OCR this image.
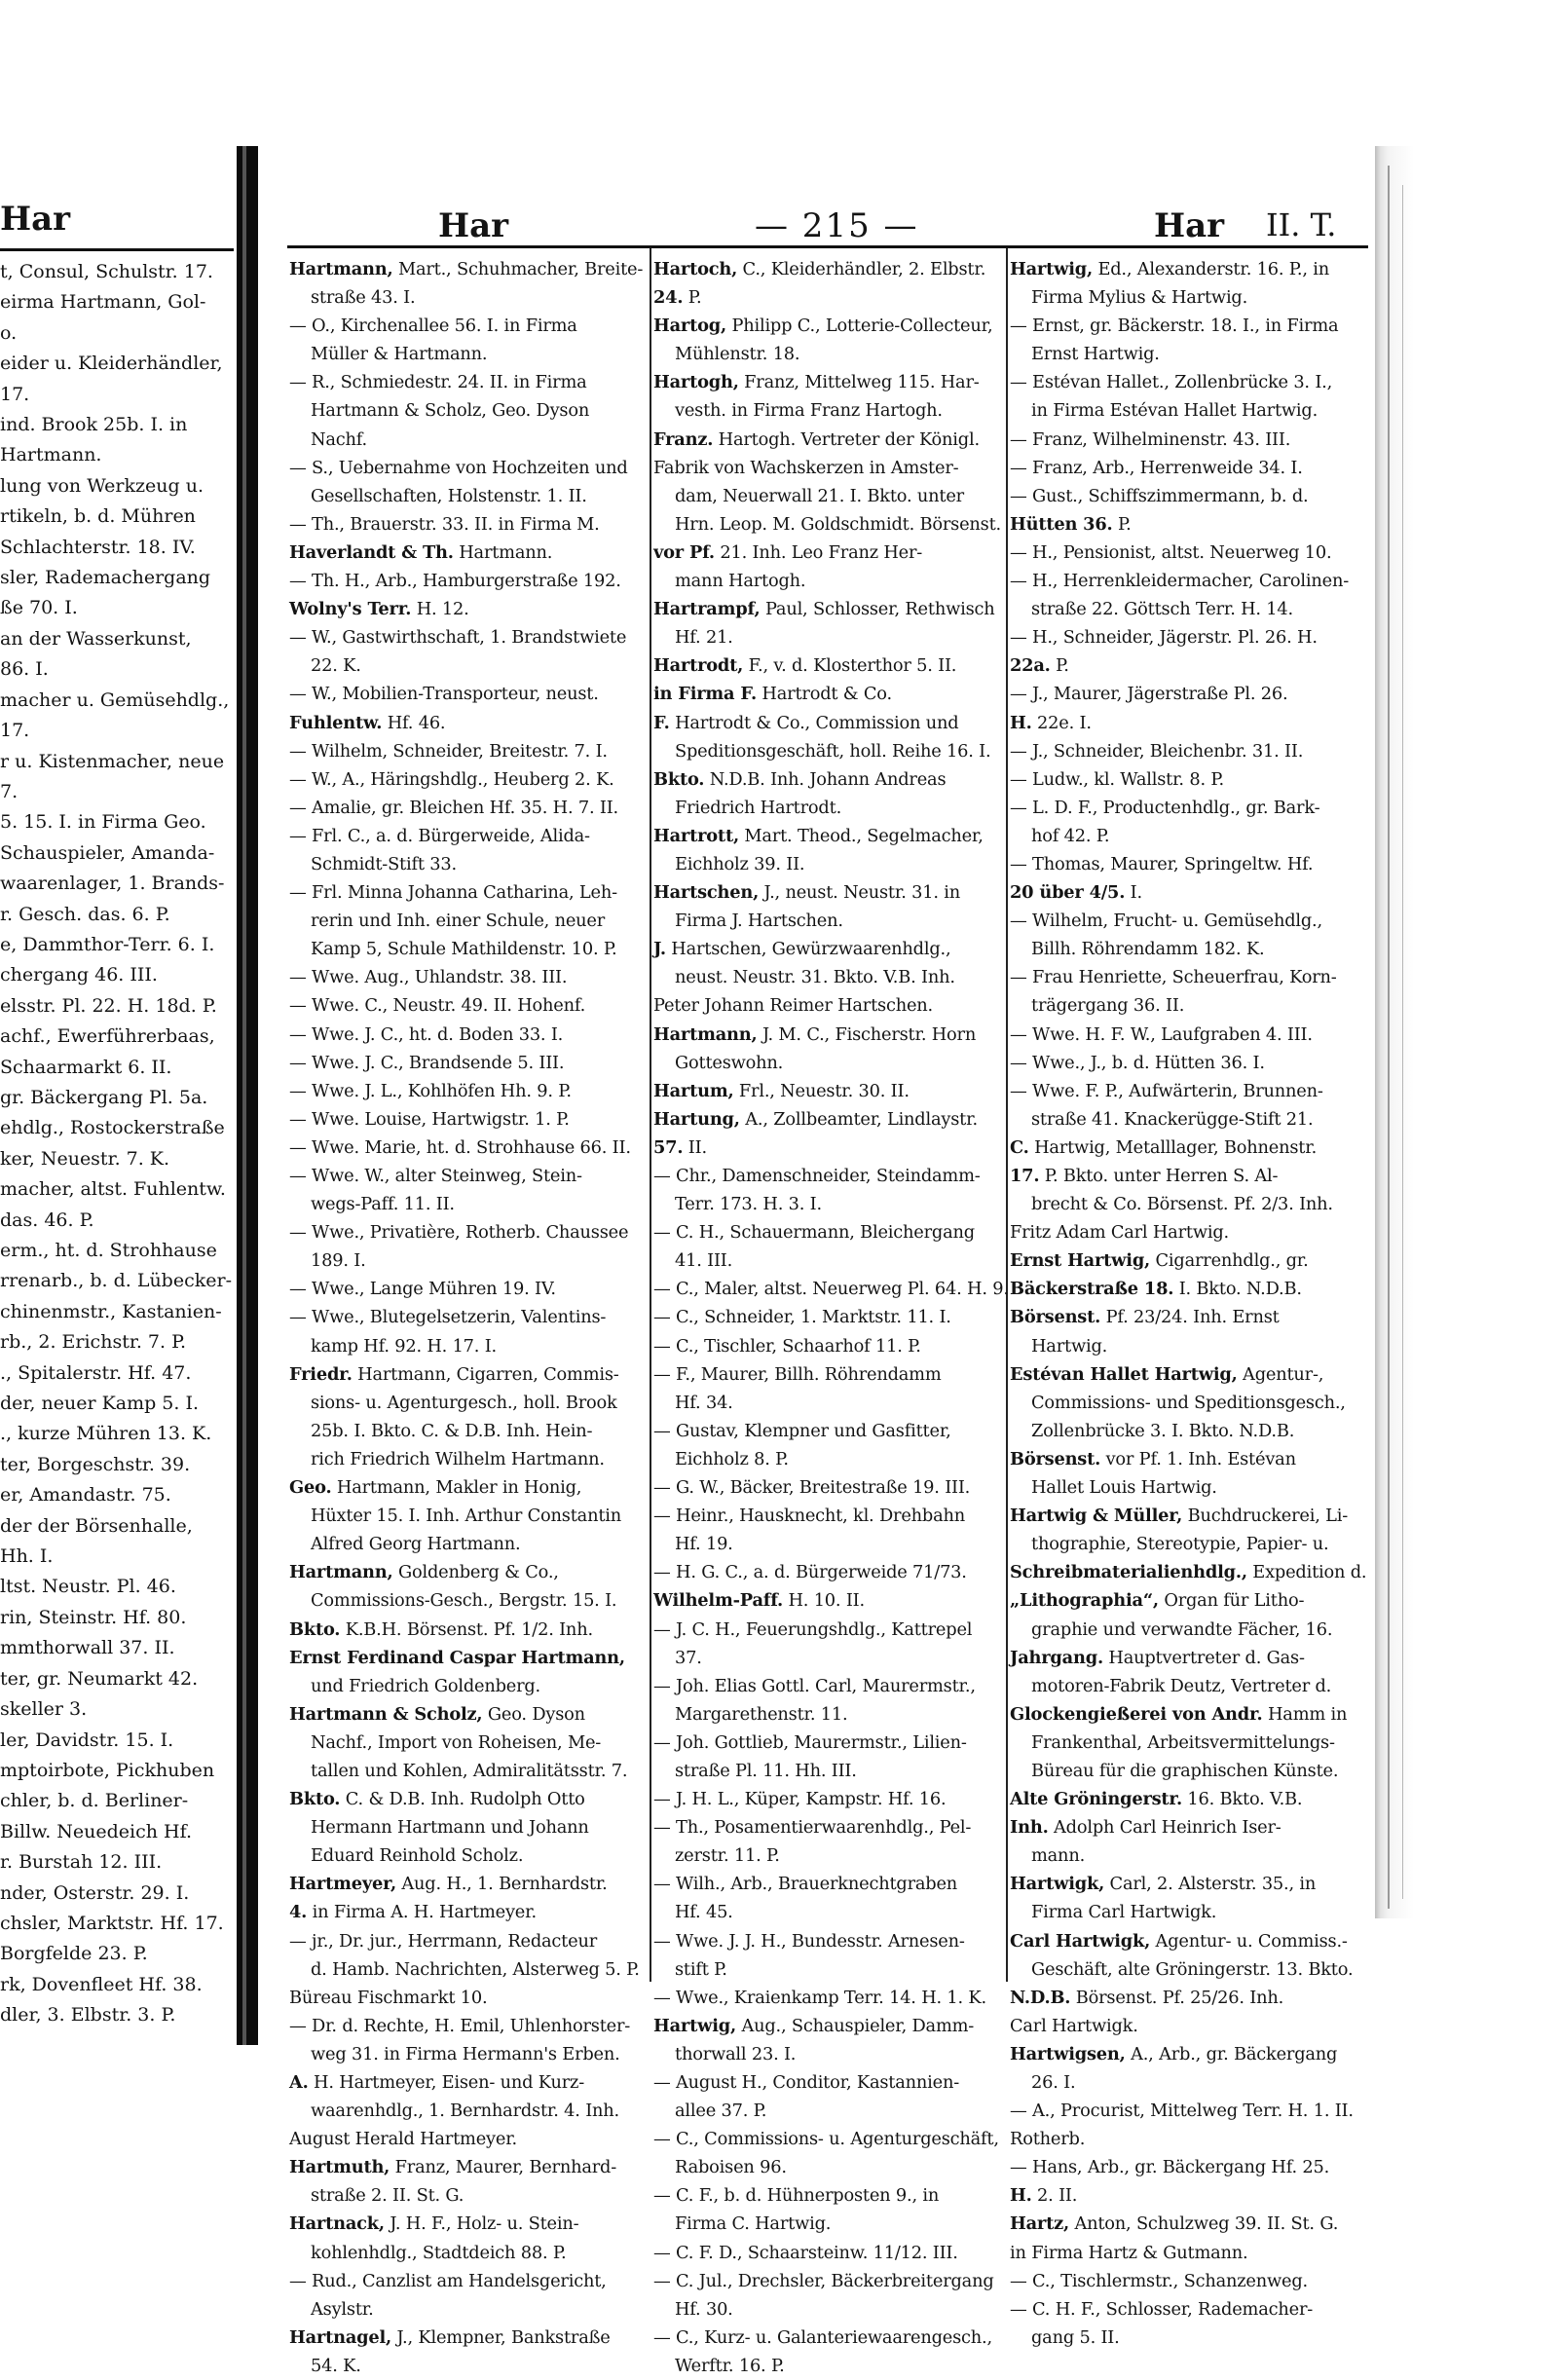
Har
t, Consul, Schulstr. 17.
eirma Hartmann, Gol-
o.
eider u. Kleiderhändler,
17.
ind. Brook 25b. I. in
Hartmann.
lung von Werkzeug u.
rtikeln, b. d. Mühren
Schlachterstr. 18. IV.
sler, Rademachergang
ße 70. I.
an der Wasserkunst,
86. I.
macher u. Gemüsehdlg.,
17.
r u. Kistenmacher, neue
7.
5. 15. I. in Firma Geo.
Schauspieler, Amanda-
waarenlager, 1. Brands-
r. Gesch. das. 6. P.
e, Dammthor-Terr. 6. I.
chergang 46. III.
elsstr. Pl. 22. H. 18d. P.
achf., Ewerführerbaas,
Schaarmarkt 6. II.
gr. Bäckergang Pl. 5a.
ehdlg., Rostockerstraße
ker, Neuestr. 7. K.
macher, altst. Fuhlentw.
das. 46. P.
erm., ht. d. Strohhause
rrenarb., b. d. Lübecker-
chinenmstr., Kastanien-
rb., 2. Erichstr. 7. P.
., Spitalerstr. Hf. 47.
der, neuer Kamp 5. I.
., kurze Mühren 13. K.
ter, Borgeschstr. 39.
er, Amandastr. 75.
der der Börsenhalle,
Hh. I.
ltst. Neustr. Pl. 46.
rin, Steinstr. Hf. 80.
mmthorwall 37. II.
ter, gr. Neumarkt 42.
skeller 3.
ler, Davidstr. 15. I.
mptoirbote, Pickhuben
chler, b. d. Berliner-
Billw. Neuedeich Hf.
r. Burstah 12. III.
nder, Osterstr. 29. I.
chsler, Marktstr. Hf. 17.
Borgfelde 23. P.
rk, Dovenfleet Hf. 38.
dler, 3. Elbstr. 3. P.
Har	— 215 —	Har II. T.
Hartmann, Mart., Schuhmacher, Breite-
straße 43. I.
— O., Kirchenallee 56. I. in Firma
Müller & Hartmann.
— R., Schmiedestr. 24. II. in Firma
Hartmann & Scholz, Geo. Dyson
Nachf.
— S., Uebernahme von Hochzeiten und
Gesellschaften, Holstenstr. 1. II.
— Th., Brauerstr. 33. II. in Firma M.
Haverlandt & Th. Hartmann.
— Th. H., Arb., Hamburgerstraße 192.
Wolny's Terr. H. 12.
— W., Gastwirthschaft, 1. Brandstwiete
22. K.
— W., Mobilien-Transporteur, neust.
Fuhlentw. Hf. 46.
— Wilhelm, Schneider, Breitestr. 7. I.
— W., A., Häringshdlg., Heuberg 2. K.
— Amalie, gr. Bleichen Hf. 35. H. 7. II.
— Frl. C., a. d. Bürgerweide, Alida-
Schmidt-Stift 33.
— Frl. Minna Johanna Catharina, Leh-
rerin und Inh. einer Schule, neuer
Kamp 5, Schule Mathildenstr. 10. P.
— Wwe. Aug., Uhlandstr. 38. III.
— Wwe. C., Neustr. 49. II. Hohenf.
— Wwe. J. C., ht. d. Boden 33. I.
— Wwe. J. C., Brandsende 5. III.
— Wwe. J. L., Kohlhöfen Hh. 9. P.
— Wwe. Louise, Hartwigstr. 1. P.
— Wwe. Marie, ht. d. Strohhause 66. II.
— Wwe. W., alter Steinweg, Stein-
wegs-Paff. 11. II.
— Wwe., Privatière, Rotherb. Chaussee
189. I.
— Wwe., Lange Mühren 19. IV.
— Wwe., Blutegelsetzerin, Valentins-
kamp Hf. 92. H. 17. I.
Friedr. Hartmann, Cigarren, Commis-
sions- u. Agenturgesch., holl. Brook
25b. I. Bkto. C. & D.B. Inh. Hein-
rich Friedrich Wilhelm Hartmann.
Geo. Hartmann, Makler in Honig,
Hüxter 15. I. Inh. Arthur Constantin
Alfred Georg Hartmann.
Hartmann, Goldenberg & Co.,
Commissions-Gesch., Bergstr. 15. I.
Bkto. K.B.H. Börsenst. Pf. 1/2. Inh.
Ernst Ferdinand Caspar Hartmann,
und Friedrich Goldenberg.
Hartmann & Scholz, Geo. Dyson
Nachf., Import von Roheisen, Me-
tallen und Kohlen, Admiralitätsstr. 7.
Bkto. C. & D.B. Inh. Rudolph Otto
Hermann Hartmann und Johann
Eduard Reinhold Scholz.
Hartmeyer, Aug. H., 1. Bernhardstr.
4. in Firma A. H. Hartmeyer.
— jr., Dr. jur., Herrmann, Redacteur
d. Hamb. Nachrichten, Alsterweg 5. P.
Büreau Fischmarkt 10.
— Dr. d. Rechte, H. Emil, Uhlenhorster-
weg 31. in Firma Hermann's Erben.
A. H. Hartmeyer, Eisen- und Kurz-
waarenhdlg., 1. Bernhardstr. 4. Inh.
August Herald Hartmeyer.
Hartmuth, Franz, Maurer, Bernhard-
straße 2. II. St. G.
Hartnack, J. H. F., Holz- u. Stein-
kohlenhdlg., Stadtdeich 88. P.
— Rud., Canzlist am Handelsgericht,
Asylstr.
Hartnagel, J., Klempner, Bankstraße
54. K.
Hartoch, C., Kleiderhändler, 2. Elbstr.
24. P.
Hartog, Philipp C., Lotterie-Collecteur,
Mühlenstr. 18.
Hartogh, Franz, Mittelweg 115. Har-
vesth. in Firma Franz Hartogh.
Franz. Hartogh. Vertreter der Königl.
Fabrik von Wachskerzen in Amster-
dam, Neuerwall 21. I. Bkto. unter
Hrn. Leop. M. Goldschmidt. Börsenst.
vor Pf. 21. Inh. Leo Franz Her-
mann Hartogh.
Hartrampf, Paul, Schlosser, Rethwisch
Hf. 21.
Hartrodt, F., v. d. Klosterthor 5. II.
in Firma F. Hartrodt & Co.
F. Hartrodt & Co., Commission und
Speditionsgeschäft, holl. Reihe 16. I.
Bkto. N.D.B. Inh. Johann Andreas
Friedrich Hartrodt.
Hartrott, Mart. Theod., Segelmacher,
Eichholz 39. II.
Hartschen, J., neust. Neustr. 31. in
Firma J. Hartschen.
J. Hartschen, Gewürzwaarenhdlg.,
neust. Neustr. 31. Bkto. V.B. Inh.
Peter Johann Reimer Hartschen.
Hartmann, J. M. C., Fischerstr. Horn
Gotteswohn.
Hartum, Frl., Neuestr. 30. II.
Hartung, A., Zollbeamter, Lindlaystr.
57. II.
— Chr., Damenschneider, Steindamm-
Terr. 173. H. 3. I.
— C. H., Schauermann, Bleichergang
41. III.
— C., Maler, altst. Neuerweg Pl. 64. H. 9.
— C., Schneider, 1. Marktstr. 11. I.
— C., Tischler, Schaarhof 11. P.
— F., Maurer, Billh. Röhrendamm
Hf. 34.
— Gustav, Klempner und Gasfitter,
Eichholz 8. P.
— G. W., Bäcker, Breitestraße 19. III.
— Heinr., Hausknecht, kl. Drehbahn
Hf. 19.
— H. G. C., a. d. Bürgerweide 71/73.
Wilhelm-Paff. H. 10. II.
— J. C. H., Feuerungshdlg., Kattrepel
37.
— Joh. Elias Gottl. Carl, Maurermstr.,
Margarethenstr. 11.
— Joh. Gottlieb, Maurermstr., Lilien-
straße Pl. 11. Hh. III.
— J. H. L., Küper, Kampstr. Hf. 16.
— Th., Posamentierwaarenhdlg., Pel-
zerstr. 11. P.
— Wilh., Arb., Brauerknechtgraben
Hf. 45.
— Wwe. J. J. H., Bundesstr. Arnesen-
stift P.
— Wwe., Kraienkamp Terr. 14. H. 1. K.
Hartwig, Aug., Schauspieler, Damm-
thorwall 23. I.
— August H., Conditor, Kastannien-
allee 37. P.
— C., Commissions- u. Agenturgeschäft,
Raboisen 96.
— C. F., b. d. Hühnerposten 9., in
Firma C. Hartwig.
— C. F. D., Schaarsteinw. 11/12. III.
— C. Jul., Drechsler, Bäckerbreitergang
Hf. 30.
— C., Kurz- u. Galanteriewaarengesch.,
Werftr. 16. P.
Hartwig, Ed., Alexanderstr. 16. P., in
Firma Mylius & Hartwig.
— Ernst, gr. Bäckerstr. 18. I., in Firma
Ernst Hartwig.
— Estévan Hallet., Zollenbrücke 3. I.,
in Firma Estévan Hallet Hartwig.
— Franz, Wilhelminenstr. 43. III.
— Franz, Arb., Herrenweide 34. I.
— Gust., Schiffszimmermann, b. d.
Hütten 36. P.
— H., Pensionist, altst. Neuerweg 10.
— H., Herrenkleidermacher, Carolinen-
straße 22. Göttsch Terr. H. 14.
— H., Schneider, Jägerstr. Pl. 26. H.
22a. P.
— J., Maurer, Jägerstraße Pl. 26.
H. 22e. I.
— J., Schneider, Bleichenbr. 31. II.
— Ludw., kl. Wallstr. 8. P.
— L. D. F., Productenhdlg., gr. Bark-
hof 42. P.
— Thomas, Maurer, Springeltw. Hf.
20 über 4/5. I.
— Wilhelm, Frucht- u. Gemüsehdlg.,
Billh. Röhrendamm 182. K.
— Frau Henriette, Scheuerfrau, Korn-
trägergang 36. II.
— Wwe. H. F. W., Laufgraben 4. III.
— Wwe., J., b. d. Hütten 36. I.
— Wwe. F. P., Aufwärterin, Brunnen-
straße 41. Knackerügge-Stift 21.
C. Hartwig, Metalllager, Bohnenstr.
17. P. Bkto. unter Herren S. Al-
brecht & Co. Börsenst. Pf. 2/3. Inh.
Fritz Adam Carl Hartwig.
Ernst Hartwig, Cigarrenhdlg., gr.
Bäckerstraße 18. I. Bkto. N.D.B.
Börsenst. Pf. 23/24. Inh. Ernst
Hartwig.
Estévan Hallet Hartwig, Agentur-,
Commissions- und Speditionsgesch.,
Zollenbrücke 3. I. Bkto. N.D.B.
Börsenst. vor Pf. 1. Inh. Estévan
Hallet Louis Hartwig.
Hartwig & Müller, Buchdruckerei, Li-
thographie, Stereotypie, Papier- u.
Schreibmaterialienhdlg., Expedition d.
„Lithographia“, Organ für Litho-
graphie und verwandte Fächer, 16.
Jahrgang. Hauptvertreter d. Gas-
motoren-Fabrik Deutz, Vertreter d.
Glockengießerei von Andr. Hamm in
Frankenthal, Arbeitsvermittelungs-
Büreau für die graphischen Künste.
Alte Gröningerstr. 16. Bkto. V.B.
Inh. Adolph Carl Heinrich Iser-
mann.
Hartwigk, Carl, 2. Alsterstr. 35., in
Firma Carl Hartwigk.
Carl Hartwigk, Agentur- u. Commiss.-
Geschäft, alte Gröningerstr. 13. Bkto.
N.D.B. Börsenst. Pf. 25/26. Inh.
Carl Hartwigk.
Hartwigsen, A., Arb., gr. Bäckergang
26. I.
— A., Procurist, Mittelweg Terr. H. 1. II.
Rotherb.
— Hans, Arb., gr. Bäckergang Hf. 25.
H. 2. II.
Hartz, Anton, Schulzweg 39. II. St. G.
in Firma Hartz & Gutmann.
— C., Tischlermstr., Schanzenweg.
— C. H. F., Schlosser, Rademacher-
gang 5. II.
